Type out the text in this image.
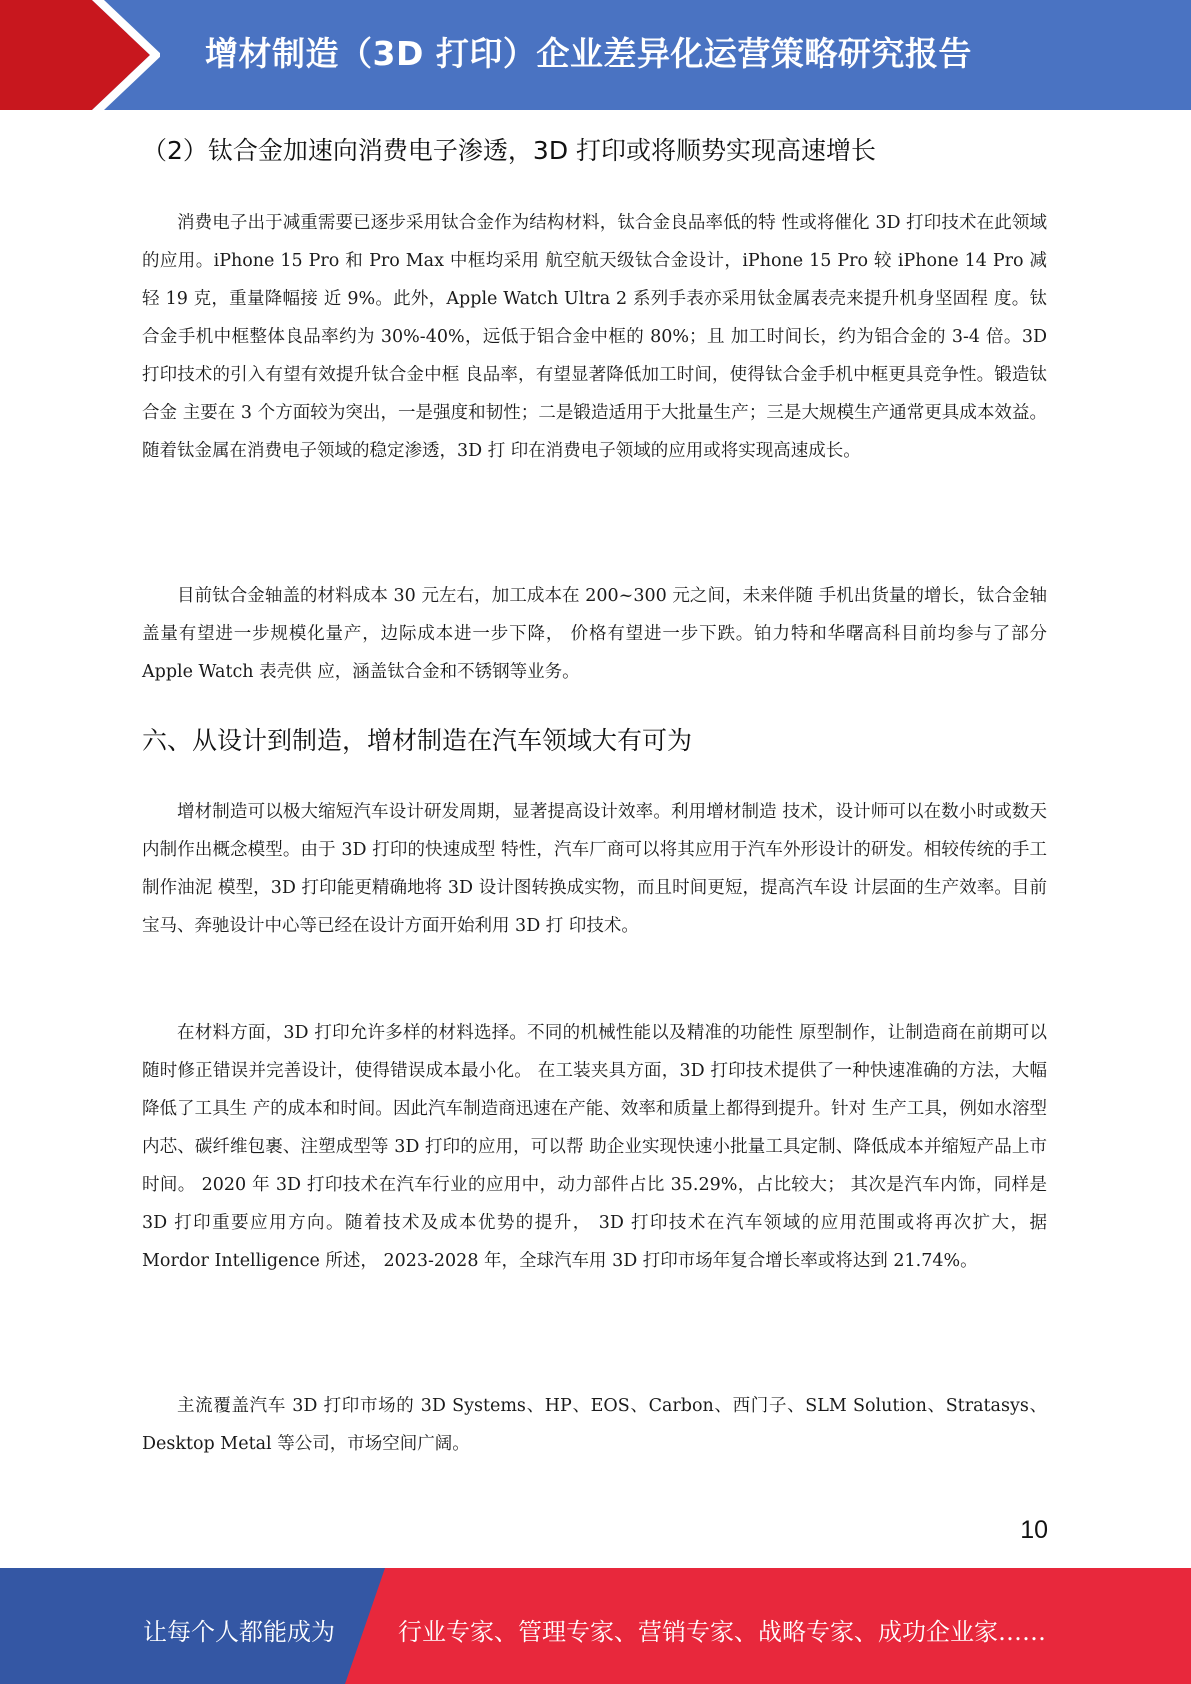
增材制造（3D 打印）企业差异化运营策略研究报告
（2）钛合金加速向消费电子渗透，3D 打印或将顺势实现高速增长

消费电子出于减重需要已逐步采用钛合金作为结构材料，钛合金良品率低的特 性或将催化 3D 打印技术在此领域的应用。iPhone 15 Pro 和 Pro Max 中框均采用 航空航天级钛合金设计，iPhone 15 Pro 较 iPhone 14 Pro 减轻 19 克，重量降幅接 近 9%。此外，Apple Watch Ultra 2 系列手表亦采用钛金属表壳来提升机身坚固程 度。钛合金手机中框整体良品率约为 30%-40%，远低于铝合金中框的 80%；且 加工时间长，约为铝合金的 3-4 倍。3D 打印技术的引入有望有效提升钛合金中框 良品率，有望显著降低加工时间，使得钛合金手机中框更具竞争性。锻造钛合金 主要在 3 个方面较为突出，一是强度和韧性；二是锻造适用于大批量生产；三是大规模生产通常更具成本效益。随着钛金属在消费电子领域的稳定渗透，3D 打 印在消费电子领域的应用或将实现高速成长。

目前钛合金轴盖的材料成本 30 元左右，加工成本在 200~300 元之间，未来伴随 手机出货量的增长，钛合金轴盖量有望进一步规模化量产，边际成本进一步下降， 价格有望进一步下跌。铂力特和华曙高科目前均参与了部分 Apple Watch 表壳供 应，涵盖钛合金和不锈钢等业务。

六、从设计到制造，增材制造在汽车领域大有可为

增材制造可以极大缩短汽车设计研发周期，显著提高设计效率。利用增材制造 技术，设计师可以在数小时或数天内制作出概念模型。由于 3D 打印的快速成型 特性，汽车厂商可以将其应用于汽车外形设计的研发。相较传统的手工制作油泥 模型，3D 打印能更精确地将 3D 设计图转换成实物，而且时间更短，提高汽车设 计层面的生产效率。目前宝马、奔驰设计中心等已经在设计方面开始利用 3D 打 印技术。

在材料方面，3D 打印允许多样的材料选择。不同的机械性能以及精准的功能性 原型制作，让制造商在前期可以随时修正错误并完善设计，使得错误成本最小化。 在工装夹具方面，3D 打印技术提供了一种快速准确的方法，大幅降低了工具生 产的成本和时间。因此汽车制造商迅速在产能、效率和质量上都得到提升。针对 生产工具，例如水溶型内芯、碳纤维包裹、注塑成型等 3D 打印的应用，可以帮 助企业实现快速小批量工具定制、降低成本并缩短产品上市时间。 2020 年 3D 打印技术在汽车行业的应用中，动力部件占比 35.29%，占比较大； 其次是汽车内饰，同样是 3D 打印重要应用方向。随着技术及成本优势的提升， 3D 打印技术在汽车领域的应用范围或将再次扩大，据 Mordor Intelligence 所述， 2023-2028 年，全球汽车用 3D 打印市场年复合增长率或将达到 21.74%。

主流覆盖汽车 3D 打印市场的 3D Systems、HP、EOS、Carbon、西门子、SLM Solution、Stratasys、Desktop Metal 等公司，市场空间广阔。

10
让每个人都能成为	行业专家、管理专家、营销专家、战略专家、成功企业家……
